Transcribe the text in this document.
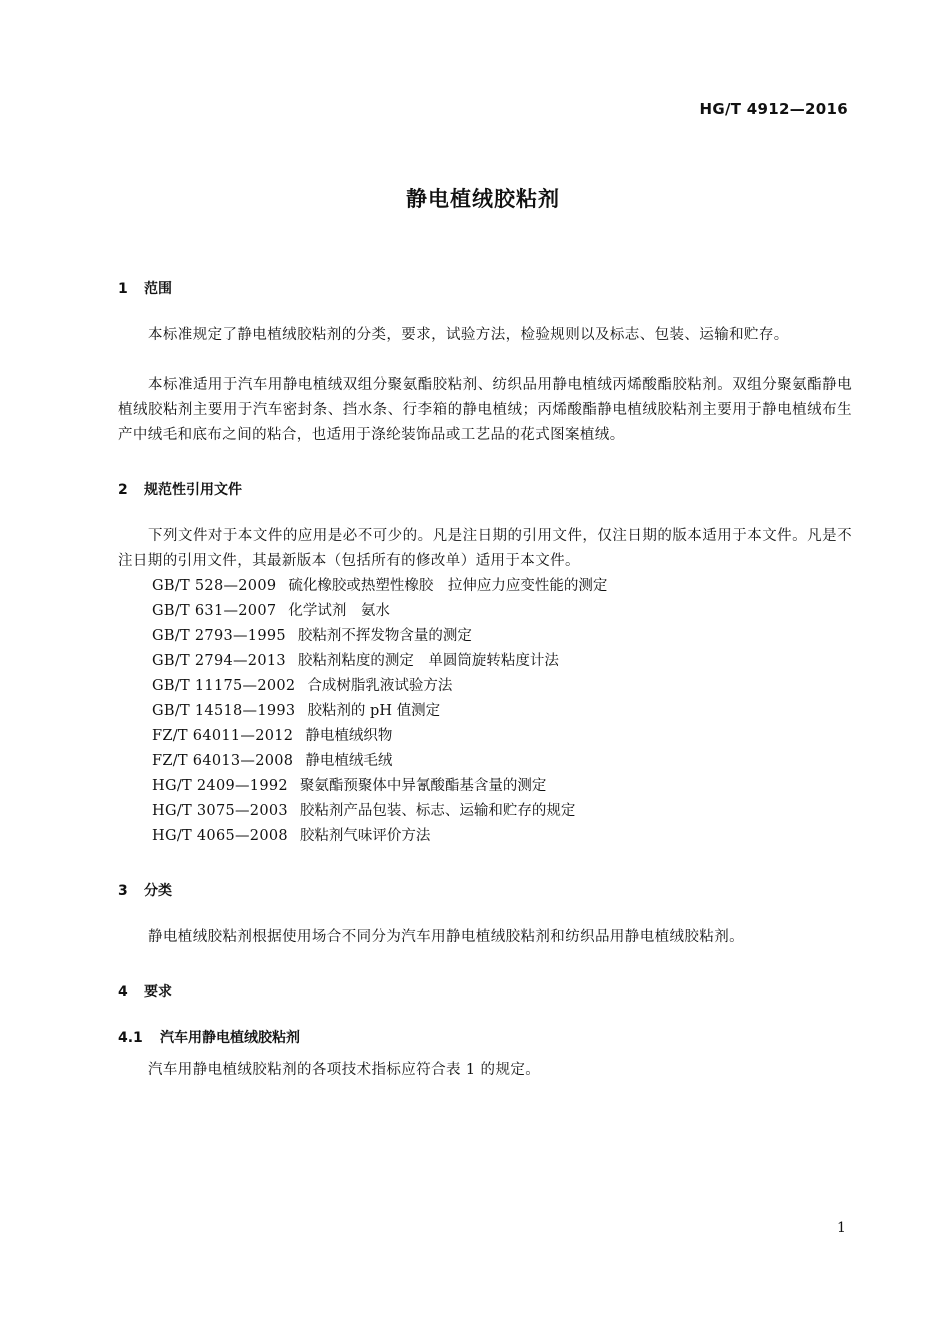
HG/T 4912—2016
静电植绒胶粘剂
1 范围
本标准规定了静电植绒胶粘剂的分类，要求，试验方法，检验规则以及标志、包装、运输和贮存。
本标准适用于汽车用静电植绒双组分聚氨酯胶粘剂、纺织品用静电植绒丙烯酸酯胶粘剂。双组分聚氨酯静电植绒胶粘剂主要用于汽车密封条、挡水条、行李箱的静电植绒；丙烯酸酯静电植绒胶粘剂主要用于静电植绒布生产中绒毛和底布之间的粘合，也适用于涤纶装饰品或工艺品的花式图案植绒。
2 规范性引用文件
下列文件对于本文件的应用是必不可少的。凡是注日期的引用文件，仅注日期的版本适用于本文件。凡是不注日期的引用文件，其最新版本（包括所有的修改单）适用于本文件。
GB/T 528—2009 硫化橡胶或热塑性橡胶　拉伸应力应变性能的测定
GB/T 631—2007 化学试剂　氨水
GB/T 2793—1995 胶粘剂不挥发物含量的测定
GB/T 2794—2013 胶粘剂粘度的测定　单圆筒旋转粘度计法
GB/T 11175—2002 合成树脂乳液试验方法
GB/T 14518—1993 胶粘剂的 pH 值测定
FZ/T 64011—2012 静电植绒织物
FZ/T 64013—2008 静电植绒毛绒
HG/T 2409—1992 聚氨酯预聚体中异氰酸酯基含量的测定
HG/T 3075—2003 胶粘剂产品包装、标志、运输和贮存的规定
HG/T 4065—2008 胶粘剂气味评价方法
3 分类
静电植绒胶粘剂根据使用场合不同分为汽车用静电植绒胶粘剂和纺织品用静电植绒胶粘剂。
4 要求
4.1 汽车用静电植绒胶粘剂
汽车用静电植绒胶粘剂的各项技术指标应符合表 1 的规定。
1
